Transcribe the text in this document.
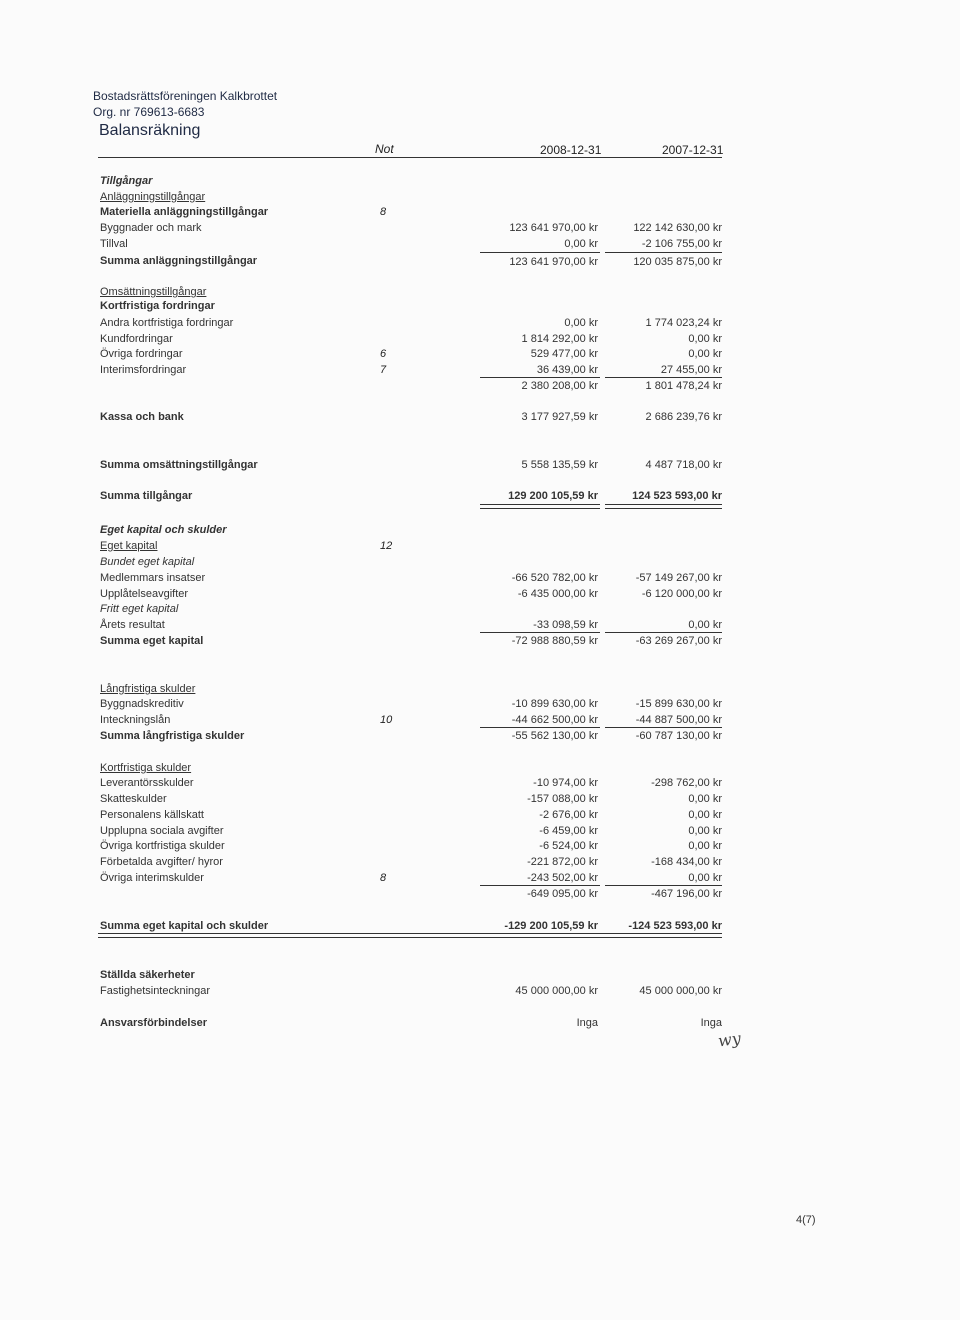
Bostadsrättsföreningen Kalkbrottet
Org. nr 769613-6683
Balansräkning
Not	2008-12-31	2007-12-31
Tillgångar
Anläggningstillgångar
Materiella anläggningstillgångar	8
Byggnader och mark	123 641 970,00 kr	122 142 630,00 kr
Tillval	0,00 kr	-2 106 755,00 kr
Summa anläggningstillgångar	123 641 970,00 kr	120 035 875,00 kr
Omsättningstillgångar
Kortfristiga fordringar
Andra kortfristiga fordringar	0,00 kr	1 774 023,24 kr
Kundfordringar	1 814 292,00 kr	0,00 kr
Övriga fordringar	6	529 477,00 kr	0,00 kr
Interimsfordringar	7	36 439,00 kr	27 455,00 kr
2 380 208,00 kr	1 801 478,24 kr
Kassa och bank	3 177 927,59 kr	2 686 239,76 kr
Summa omsättningstillgångar	5 558 135,59 kr	4 487 718,00 kr
Summa tillgångar	129 200 105,59 kr	124 523 593,00 kr
Eget kapital och skulder
Eget kapital	12
Bundet eget kapital
Medlemmars insatser	-66 520 782,00 kr	-57 149 267,00 kr
Upplåtelseavgifter	-6 435 000,00 kr	-6 120 000,00 kr
Fritt eget kapital
Årets resultat	-33 098,59 kr	0,00 kr
Summa eget kapital	-72 988 880,59 kr	-63 269 267,00 kr
Långfristiga skulder
Byggnadskreditiv	-10 899 630,00 kr	-15 899 630,00 kr
Inteckningslån	10	-44 662 500,00 kr	-44 887 500,00 kr
Summa långfristiga skulder	-55 562 130,00 kr	-60 787 130,00 kr
Kortfristiga skulder
Leverantörsskulder	-10 974,00 kr	-298 762,00 kr
Skatteskulder	-157 088,00 kr	0,00 kr
Personalens källskatt	-2 676,00 kr	0,00 kr
Upplupna sociala avgifter	-6 459,00 kr	0,00 kr
Övriga kortfristiga skulder	-6 524,00 kr	0,00 kr
Förbetalda avgifter/ hyror	-221 872,00 kr	-168 434,00 kr
Övriga interimskulder	8	-243 502,00 kr	0,00 kr
-649 095,00 kr	-467 196,00 kr
Summa eget kapital och skulder	-129 200 105,59 kr	-124 523 593,00 kr
Ställda säkerheter
Fastighetsinteckningar	45 000 000,00 kr	45 000 000,00 kr
Ansvarsförbindelser	Inga	Inga
wy
4(7)
